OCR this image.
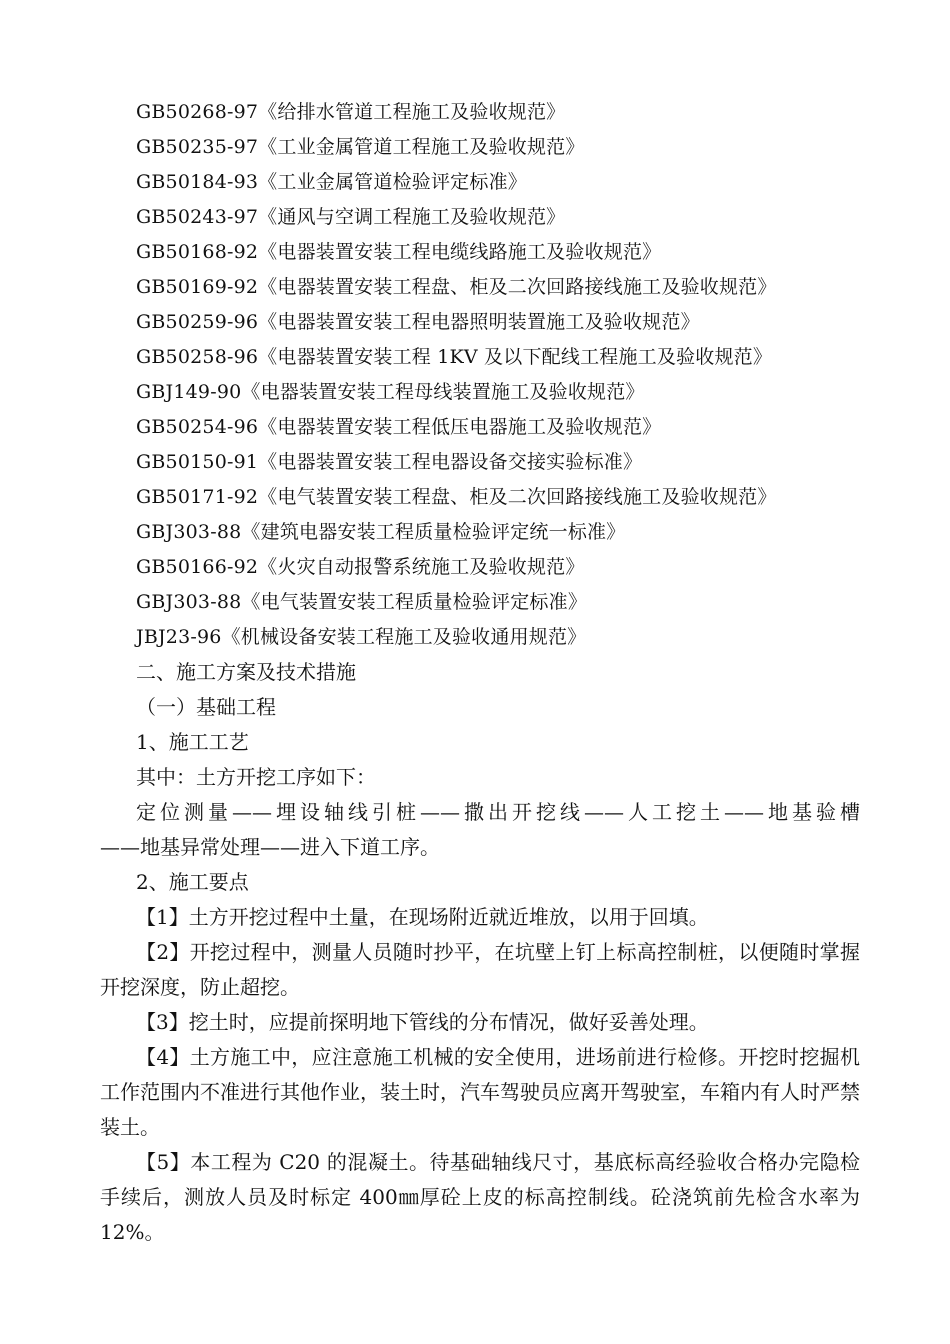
GB50268-97《给排水管道工程施工及验收规范》
GB50235-97《工业金属管道工程施工及验收规范》
GB50184-93《工业金属管道检验评定标准》
GB50243-97《通风与空调工程施工及验收规范》
GB50168-92《电器装置安装工程电缆线路施工及验收规范》
GB50169-92《电器装置安装工程盘、柜及二次回路接线施工及验收规范》
GB50259-96《电器装置安装工程电器照明装置施工及验收规范》
GB50258-96《电器装置安装工程 1KV 及以下配线工程施工及验收规范》
GBJ149-90《电器装置安装工程母线装置施工及验收规范》
GB50254-96《电器装置安装工程低压电器施工及验收规范》
GB50150-91《电器装置安装工程电器设备交接实验标准》
GB50171-92《电气装置安装工程盘、柜及二次回路接线施工及验收规范》
GBJ303-88《建筑电器安装工程质量检验评定统一标准》
GB50166-92《火灾自动报警系统施工及验收规范》
GBJ303-88《电气装置安装工程质量检验评定标准》
JBJ23-96《机械设备安装工程施工及验收通用规范》
二、施工方案及技术措施
（一）基础工程
1、施工工艺
其中：土方开挖工序如下：
定位测量——埋设轴线引桩——撒出开挖线——人工挖土——地基验槽
——地基异常处理——进入下道工序。
2、施工要点
【1】土方开挖过程中土量，在现场附近就近堆放，以用于回填。
【2】开挖过程中，测量人员随时抄平，在坑壁上钉上标高控制桩，以便随时掌握开挖深度，防止超挖。
【3】挖土时，应提前探明地下管线的分布情况，做好妥善处理。
【4】土方施工中，应注意施工机械的安全使用，进场前进行检修。开挖时挖掘机工作范围内不准进行其他作业，装土时，汽车驾驶员应离开驾驶室，车箱内有人时严禁装土。
【5】本工程为 C20 的混凝土。待基础轴线尺寸，基底标高经验收合格办完隐检手续后，测放人员及时标定 400㎜厚砼上皮的标高控制线。砼浇筑前先检含水率为 12%。
